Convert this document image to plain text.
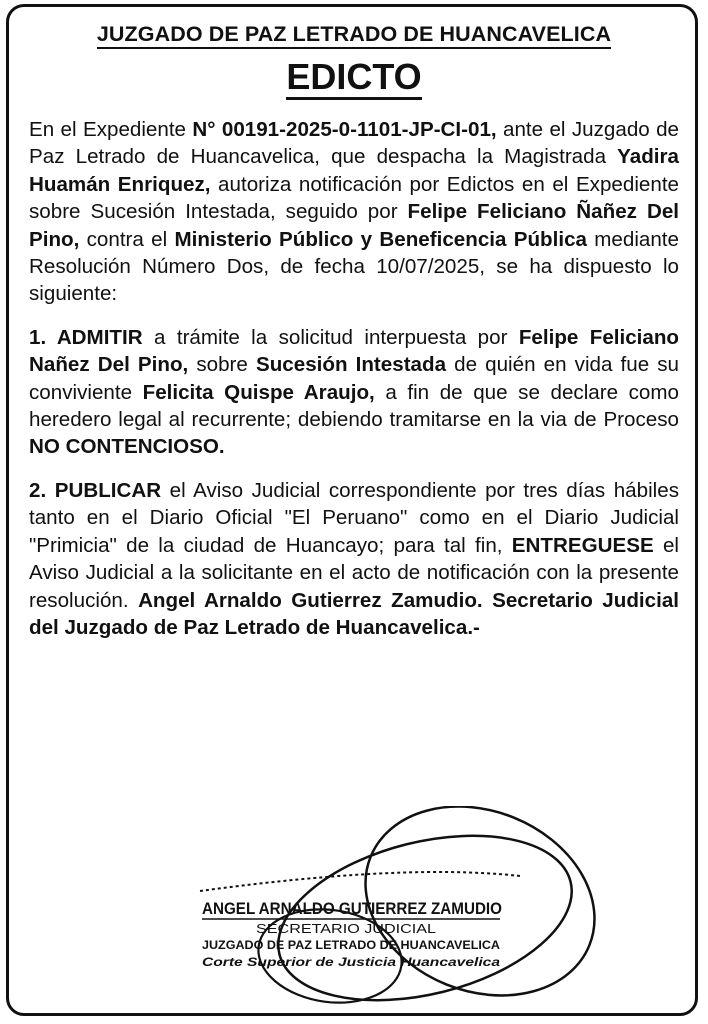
JUZGADO DE PAZ LETRADO DE HUANCAVELICA
EDICTO

En el Expediente N° 00191-2025-0-1101-JP-CI-01, ante el Juzgado de Paz Letrado de Huancavelica, que despacha la Magistrada Yadira Huamán Enriquez, autoriza notificación por Edictos en el Expediente sobre Sucesión Intestada, seguido por Felipe Feliciano Ñañez Del Pino, contra el Ministerio Público y Beneficencia Pública mediante Resolución Número Dos, de fecha 10/07/2025, se ha dispuesto lo siguiente:

1. ADMITIR a trámite la solicitud interpuesta por Felipe Feliciano Nañez Del Pino, sobre Sucesión Intestada de quién en vida fue su conviviente Felicita Quispe Araujo, a fin de que se declare como heredero legal al recurrente; debiendo tramitarse en la via de Proceso NO CONTENCIOSO.

2. PUBLICAR el Aviso Judicial correspondiente por tres días hábiles tanto en el Diario Oficial "El Peruano" como en el Diario Judicial "Primicia" de la ciudad de Huancayo; para tal fin, ENTREGUESE el Aviso Judicial a la solicitante en el acto de notificación con la presente resolución. Angel Arnaldo Gutierrez Zamudio. Secretario Judicial del Juzgado de Paz Letrado de Huancavelica.-

ANGEL ARNALDO GUTIERREZ ZAMUDIO
SECRETARIO JUDICIAL
JUZGADO DE PAZ LETRADO DE HUANCAVELICA
Corte Superior de Justicia Huancavelica
